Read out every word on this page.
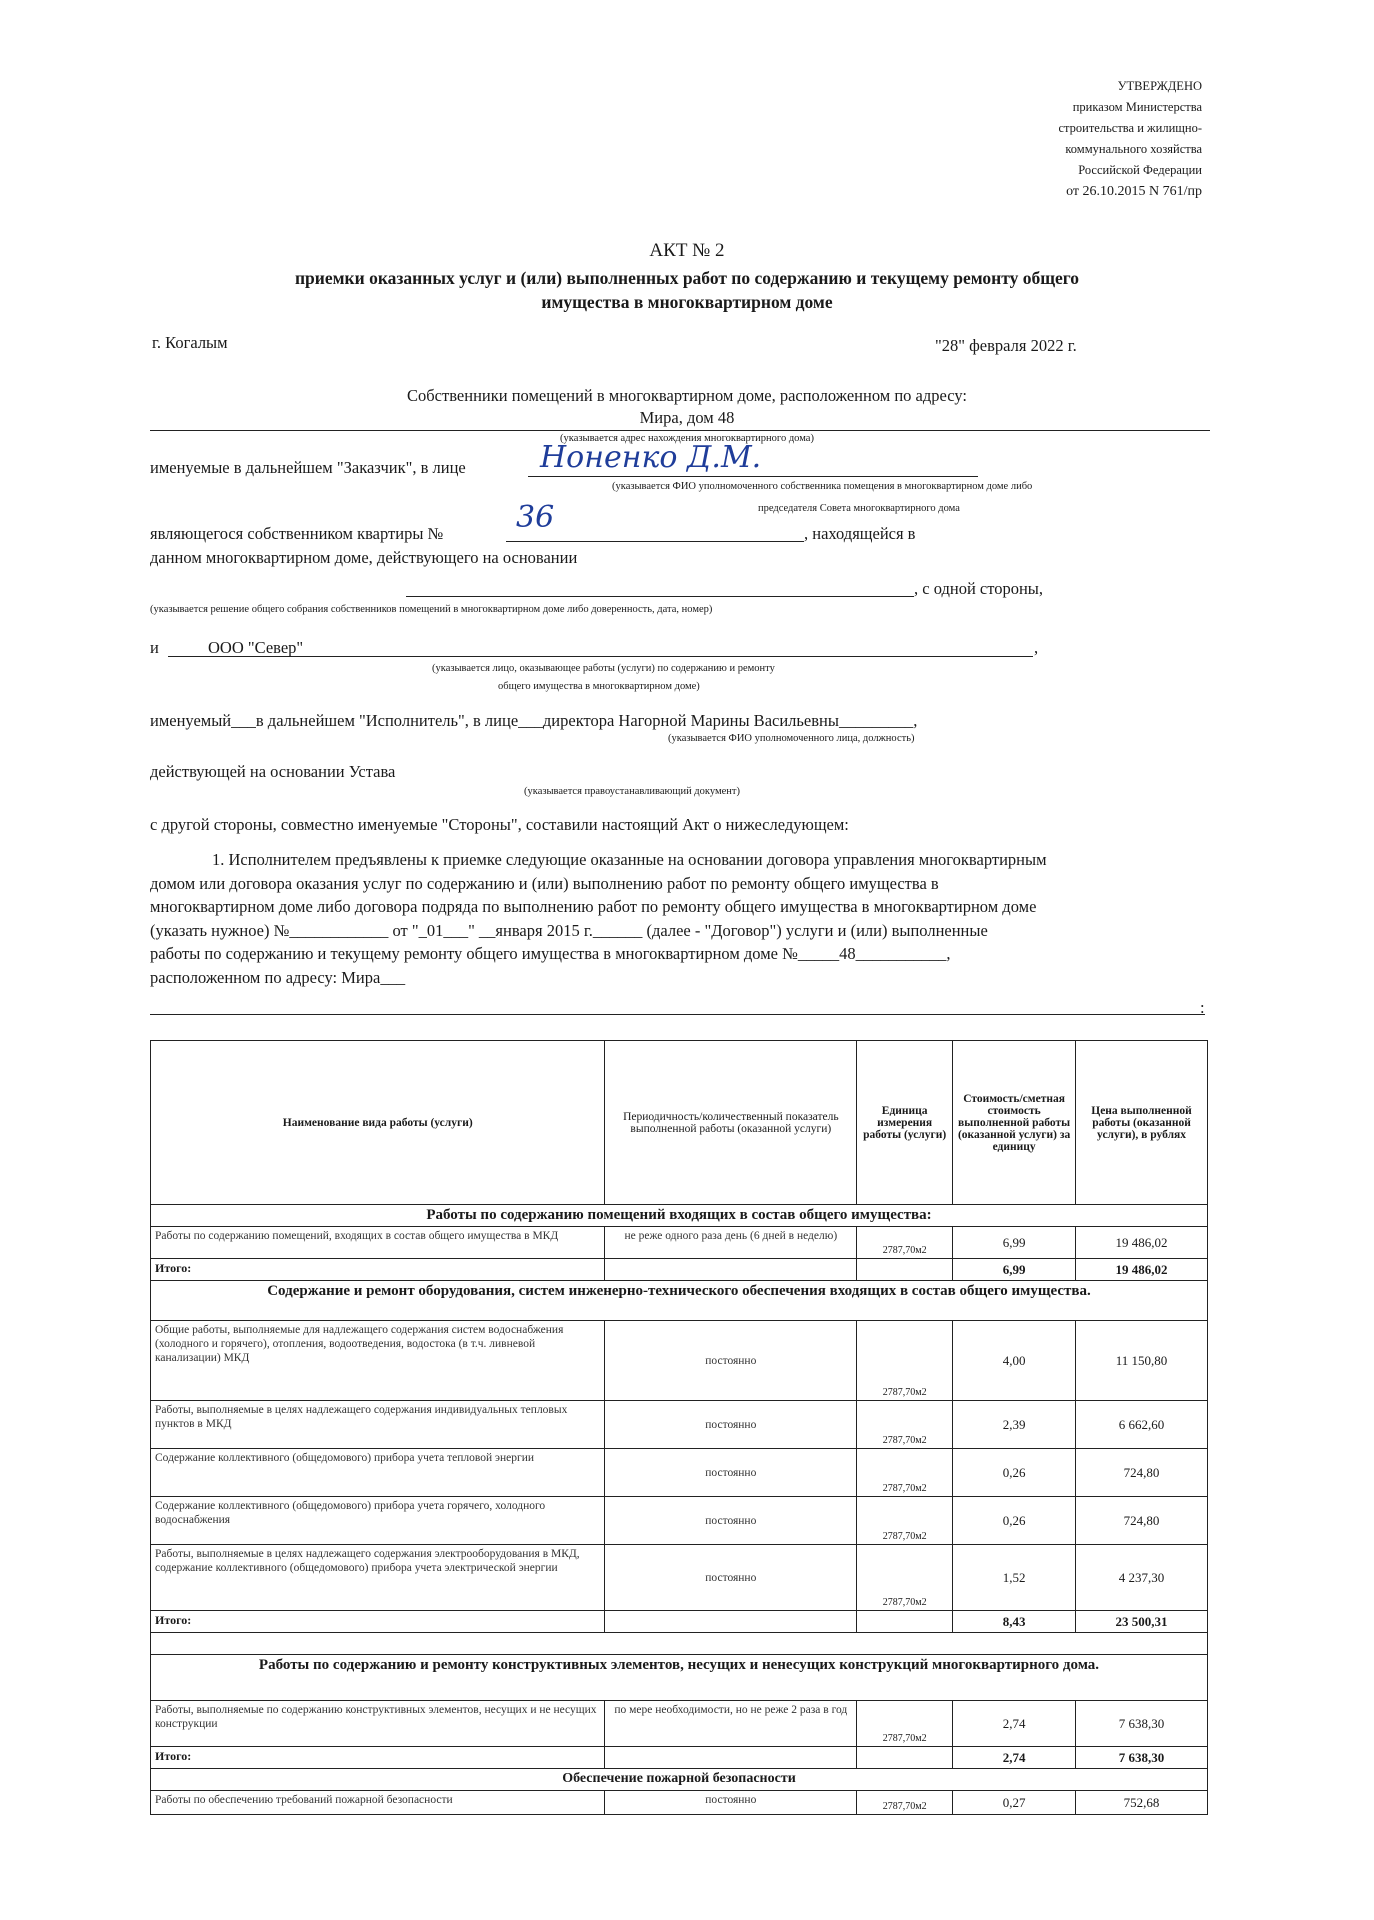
УТВЕРЖДЕНО
приказом Министерства
строительства и жилищно-
коммунального хозяйства
Российской Федерации
от 26.10.2015 N 761/пр
АКТ № 2
приемки оказанных услуг и (или) выполненных работ по содержанию и текущему ремонту общего
имущества в многоквартирном доме
г. Когалым	"28" февраля 2022 г.
Собственники помещений в многоквартирном доме, расположенном по адресу:
Мира, дом 48
(указывается адрес нахождения многоквартирного дома)
именуемые в дальнейшем "Заказчик", в лице Ноненко Д.М.
(указывается ФИО уполномоченного собственника помещения в многоквартирном доме либо
председателя Совета многоквартирного дома
являющегося собственником квартиры № 36	, находящейся в
данном многоквартирном доме, действующего на основании
, с одной стороны,
(указывается решение общего собрания собственников помещений в многоквартирном доме либо доверенность, дата, номер)
и	ООО "Север"	,
(указывается лицо, оказывающее работы (услуги) по содержанию и ремонту
общего имущества в многоквартирном доме)
именуемый___в дальнейшем "Исполнитель", в лице___директора Нагорной Марины Васильевны_________,
(указывается ФИО уполномоченного лица, должность)
действующей на основании Устава
(указывается правоустанавливающий документ)
с другой стороны, совместно именуемые "Стороны", составили настоящий Акт о нижеследующем:
1. Исполнителем предъявлены к приемке следующие оказанные на основании договора управления многоквартирным
домом или договора оказания услуг по содержанию и (или) выполнению работ по ремонту общего имущества в
многоквартирном доме либо договора подряда по выполнению работ по ремонту общего имущества в многоквартирном доме
(указать нужное) №____________ от "_01___" __января 2015 г.______ (далее - "Договор") услуги и (или) выполненные
работы по содержанию и текущему ремонту общего имущества в многоквартирном доме №_____48___________,
расположенном по адресу: Мира___
:
Наименование вида работы (услуги)	Периодичность/количественный показатель выполненной работы (оказанной услуги)	Единица измерения работы (услуги)	Стоимость/сметная стоимость выполненной работы (оказанной услуги) за единицу	Цена выполненной работы (оказанной услуги), в рублях
Работы по содержанию помещений входящих в состав общего имущества:				
Работы по содержанию помещений, входящих в состав общего имущества в МКД	не реже одного раза день (6 дней в неделю)	2787,70м2	6,99	19 486,02
Итого:			6,99	19 486,02
Содержание и ремонт оборудования, систем инженерно-технического обеспечения входящих в состав общего имущества.				
Общие работы, выполняемые для надлежащего содержания систем водоснабжения (холодного и горячего), отопления, водоотведения, водостока (в т.ч. ливневой канализации) МКД	постоянно	2787,70м2	4,00	11 150,80
Работы, выполняемые в целях надлежащего содержания индивидуальных тепловых пунктов в МКД	постоянно	2787,70м2	2,39	6 662,60
Содержание коллективного (общедомового) прибора учета тепловой энергии	постоянно	2787,70м2	0,26	724,80
Содержание коллективного (общедомового) прибора учета горячего, холодного водоснабжения	постоянно	2787,70м2	0,26	724,80
Работы, выполняемые в целях надлежащего содержания электрооборудования в МКД, содержание коллективного (общедомового) прибора учета электрической энергии	постоянно	2787,70м2	1,52	4 237,30
Итого:			8,43	23 500,31

Работы по содержанию и ремонту конструктивных элементов, несущих и ненесущих конструкций многоквартирного дома.				
Работы, выполняемые по содержанию конструктивных элементов, несущих и не несущих конструкции	по мере необходимости, но не реже 2 раза в год	2787,70м2	2,74	7 638,30
Итого:			2,74	7 638,30
Обеспечение пожарной безопасности				
Работы по обеспечению требований пожарной безопасности	постоянно	2787,70м2	0,27	752,68
